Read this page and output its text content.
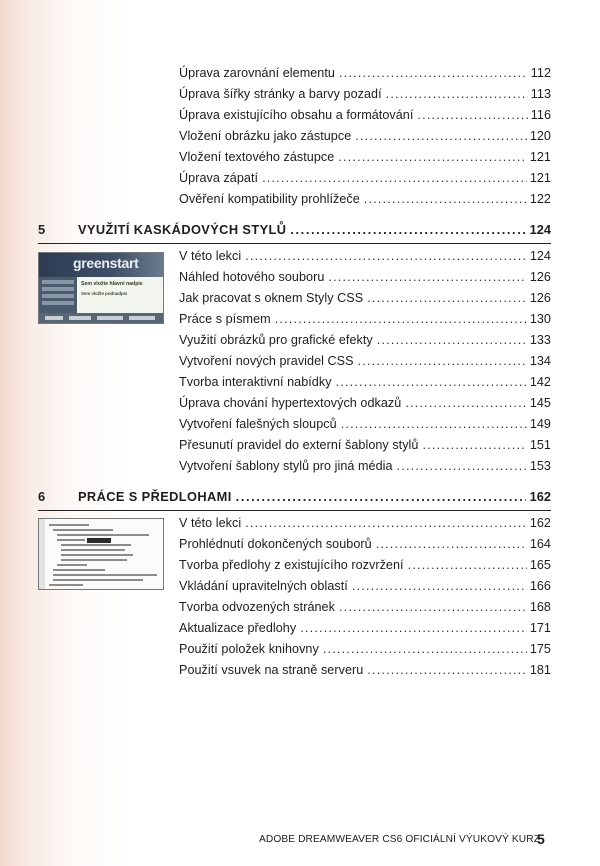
Úprava zarovnání elementu .....	112
Úprava šířky stránky a barvy pozadí .....	113
Úprava existujícího obsahu a formátování .....	116
Vložení obrázku jako zástupce .....	120
Vložení textového zástupce .....	121
Úprava zápatí .....	121
Ověření kompatibility prohlížeče .....	122
5	VYUŽITÍ KASKÁDOVÝCH STYLŮ .....	124
greenstart
Sem vložte hlavní nadpis
Sem vložte podnadpis
V této lekci .....	124
Náhled hotového souboru .....	126
Jak pracovat s oknem Styly CSS .....	126
Práce s písmem .....	130
Využití obrázků pro grafické efekty .....	133
Vytvoření nových pravidel CSS .....	134
Tvorba interaktivní nabídky .....	142
Úprava chování hypertextových odkazů .....	145
Vytvoření falešných sloupců .....	149
Přesunutí pravidel do externí šablony stylů .....	151
Vytvoření šablony stylů pro jiná média .....	153
6	PRÁCE S PŘEDLOHAMI .....	162
V této lekci .....	162
Prohlédnutí dokončených souborů .....	164
Tvorba předlohy z existujícího rozvržení .....	165
Vkládání upravitelných oblastí .....	166
Tvorba odvozených stránek .....	168
Aktualizace předlohy .....	171
Použití položek knihovny .....	175
Použití vsuvek na straně serveru .....	181
ADOBE DREAMWEAVER CS6 OFICIÁLNÍ VÝUKOVÝ KURZ
5
